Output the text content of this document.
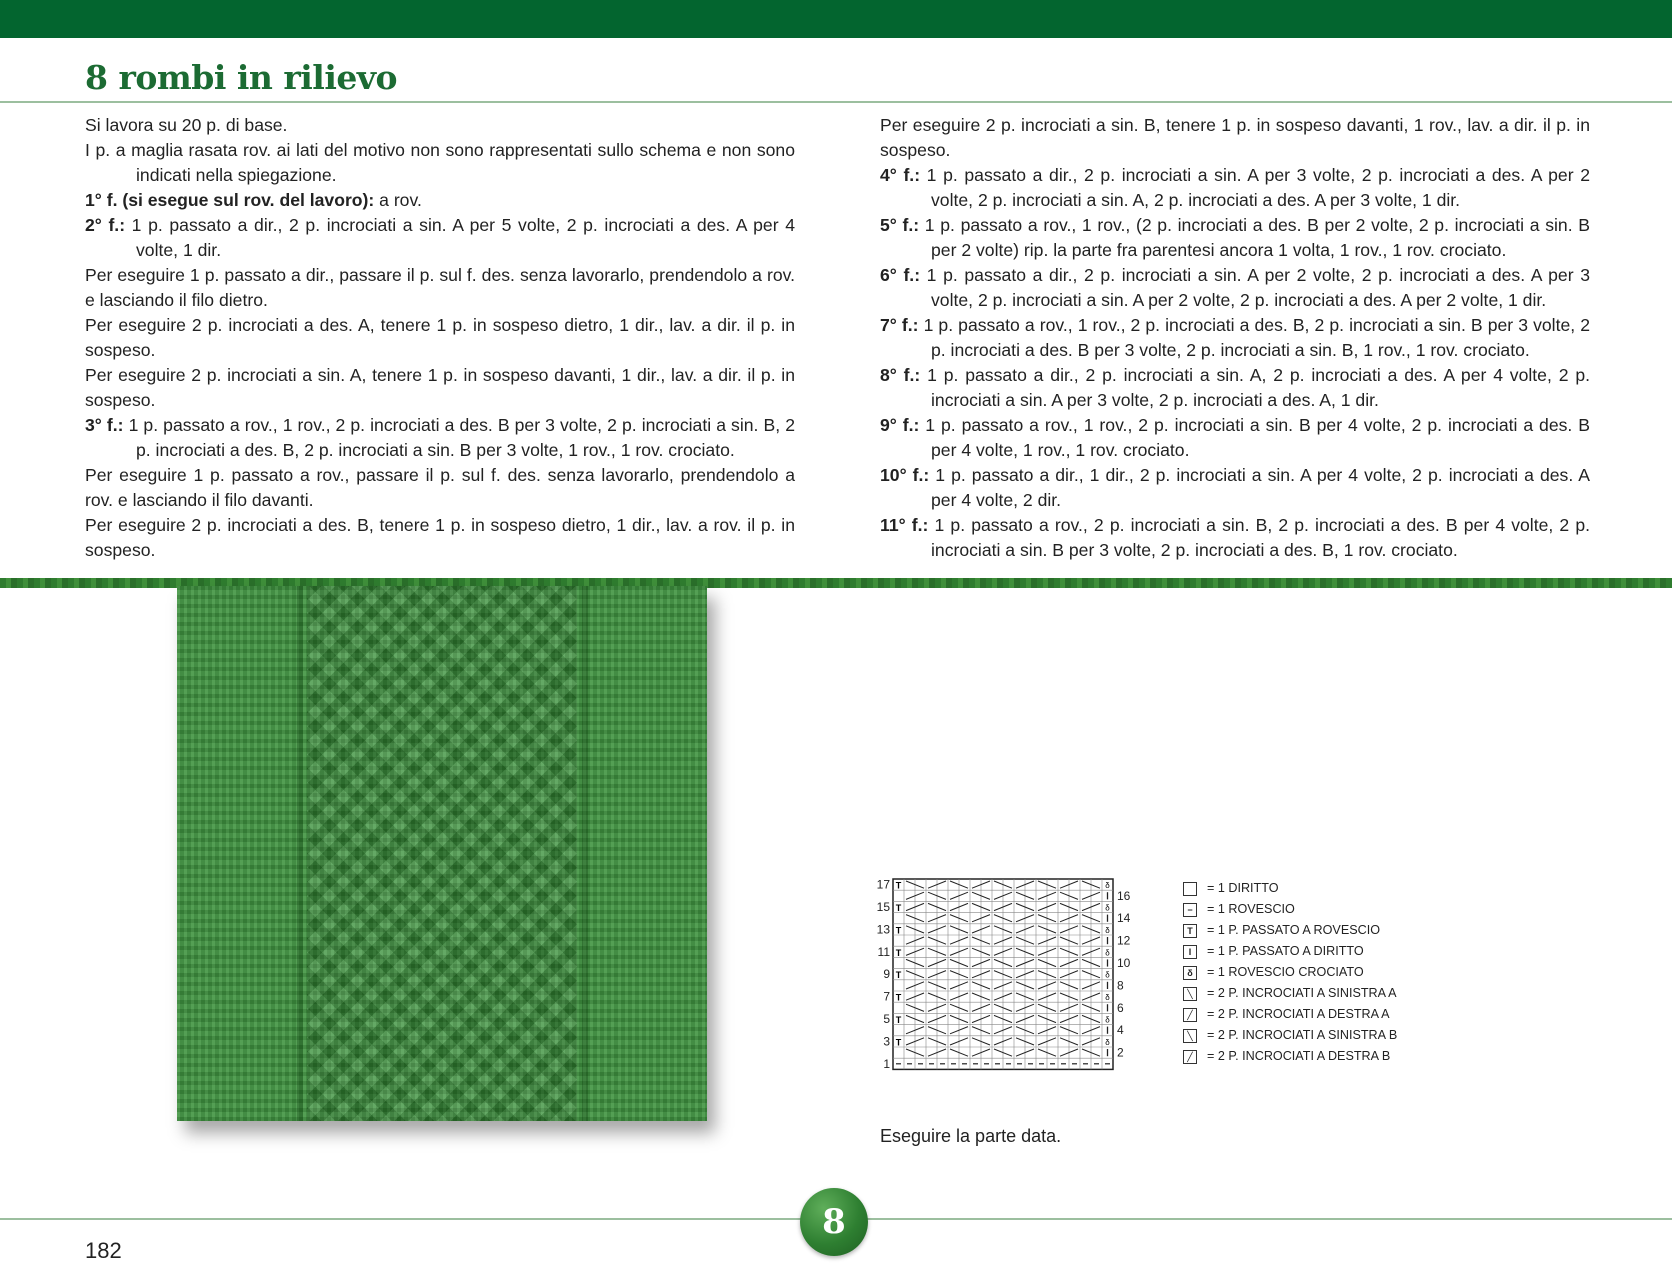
8 rombi in rilievo

Si lavora su 20 p. di base.

I p. a maglia rasata rov. ai lati del motivo non sono rappresentati sullo schema e non sono indicati nella spiegazione.

1° f. (si esegue sul rov. del lavoro): a rov.

2° f.: 1 p. passato a dir., 2 p. incrociati a sin. A per 5 volte, 2 p. incrociati a des. A per 4 volte, 1 dir.

Per eseguire 1 p. passato a dir., passare il p. sul f. des. senza lavorarlo, prendendolo a rov. e lasciando il filo dietro.

Per eseguire 2 p. incrociati a des. A, tenere 1 p. in sospeso dietro, 1 dir., lav. a dir. il p. in sospeso.

Per eseguire 2 p. incrociati a sin. A, tenere 1 p. in sospeso davanti, 1 dir., lav. a dir. il p. in sospeso.

3° f.: 1 p. passato a rov., 1 rov., 2 p. incrociati a des. B per 3 volte, 2 p. incrociati a sin. B, 2 p. incrociati a des. B, 2 p. incrociati a sin. B per 3 volte, 1 rov., 1 rov. crociato.

Per eseguire 1 p. passato a rov., passare il p. sul f. des. senza lavorarlo, prendendolo a rov. e lasciando il filo davanti.

Per eseguire 2 p. incrociati a des. B, tenere 1 p. in sospeso dietro, 1 dir., lav. a rov. il p. in sospeso.

Per eseguire 2 p. incrociati a sin. B, tenere 1 p. in sospeso davanti, 1 rov., lav. a dir. il p. in sospeso.

4° f.: 1 p. passato a dir., 2 p. incrociati a sin. A per 3 volte, 2 p. incrociati a des. A per 2 volte, 2 p. incrociati a sin. A, 2 p. incrociati a des. A per 3 volte, 1 dir.

5° f.: 1 p. passato a rov., 1 rov., (2 p. incrociati a des. B per 2 volte, 2 p. incrociati a sin. B per 2 volte) rip. la parte fra parentesi ancora 1 volta, 1 rov., 1 rov. crociato.

6° f.: 1 p. passato a dir., 2 p. incrociati a sin. A per 2 volte, 2 p. incrociati a des. A per 3 volte, 2 p. incrociati a sin. A per 2 volte, 2 p. incrociati a des. A per 2 volte, 1 dir.

7° f.: 1 p. passato a rov., 1 rov., 2 p. incrociati a des. B, 2 p. incrociati a sin. B per 3 volte, 2 p. incrociati a des. B per 3 volte, 2 p. incrociati a sin. B, 1 rov., 1 rov. crociato.

8° f.: 1 p. passato a dir., 2 p. incrociati a sin. A, 2 p. incrociati a des. A per 4 volte, 2 p. incrociati a sin. A per 3 volte, 2 p. incrociati a des. A, 1 dir.

9° f.: 1 p. passato a rov., 1 rov., 2 p. incrociati a sin. B per 4 volte, 2 p. incrociati a des. B per 4 volte, 1 rov., 1 rov. crociato.

10° f.: 1 p. passato a dir., 1 dir., 2 p. incrociati a sin. A per 4 volte, 2 p. incrociati a des. A per 4 volte, 2 dir.

11° f.: 1 p. passato a rov., 2 p. incrociati a sin. B, 2 p. incrociati a des. B per 4 volte, 2 p. incrociati a sin. B per 3 volte, 2 p. incrociati a des. B, 1 rov. crociato.

T	δ
T	δ
T	δ
T	δ
T	δ
T	δ
T	δ
T	δ
17
15
13
11
9
7
5
3
1
16
14
12
10
8
6
4
2
= 1 DIRITTO
−	= 1 ROVESCIO
T	= 1 P. PASSATO A ROVESCIO
I	= 1 P. PASSATO A DIRITTO
δ	= 1 ROVESCIO CROCIATO
╲	= 2 P. INCROCIATI A SINISTRA A
╱	= 2 P. INCROCIATI A DESTRA A
╲	= 2 P. INCROCIATI A SINISTRA B
╱	= 2 P. INCROCIATI A DESTRA B

Eseguire la parte data.

8

182
